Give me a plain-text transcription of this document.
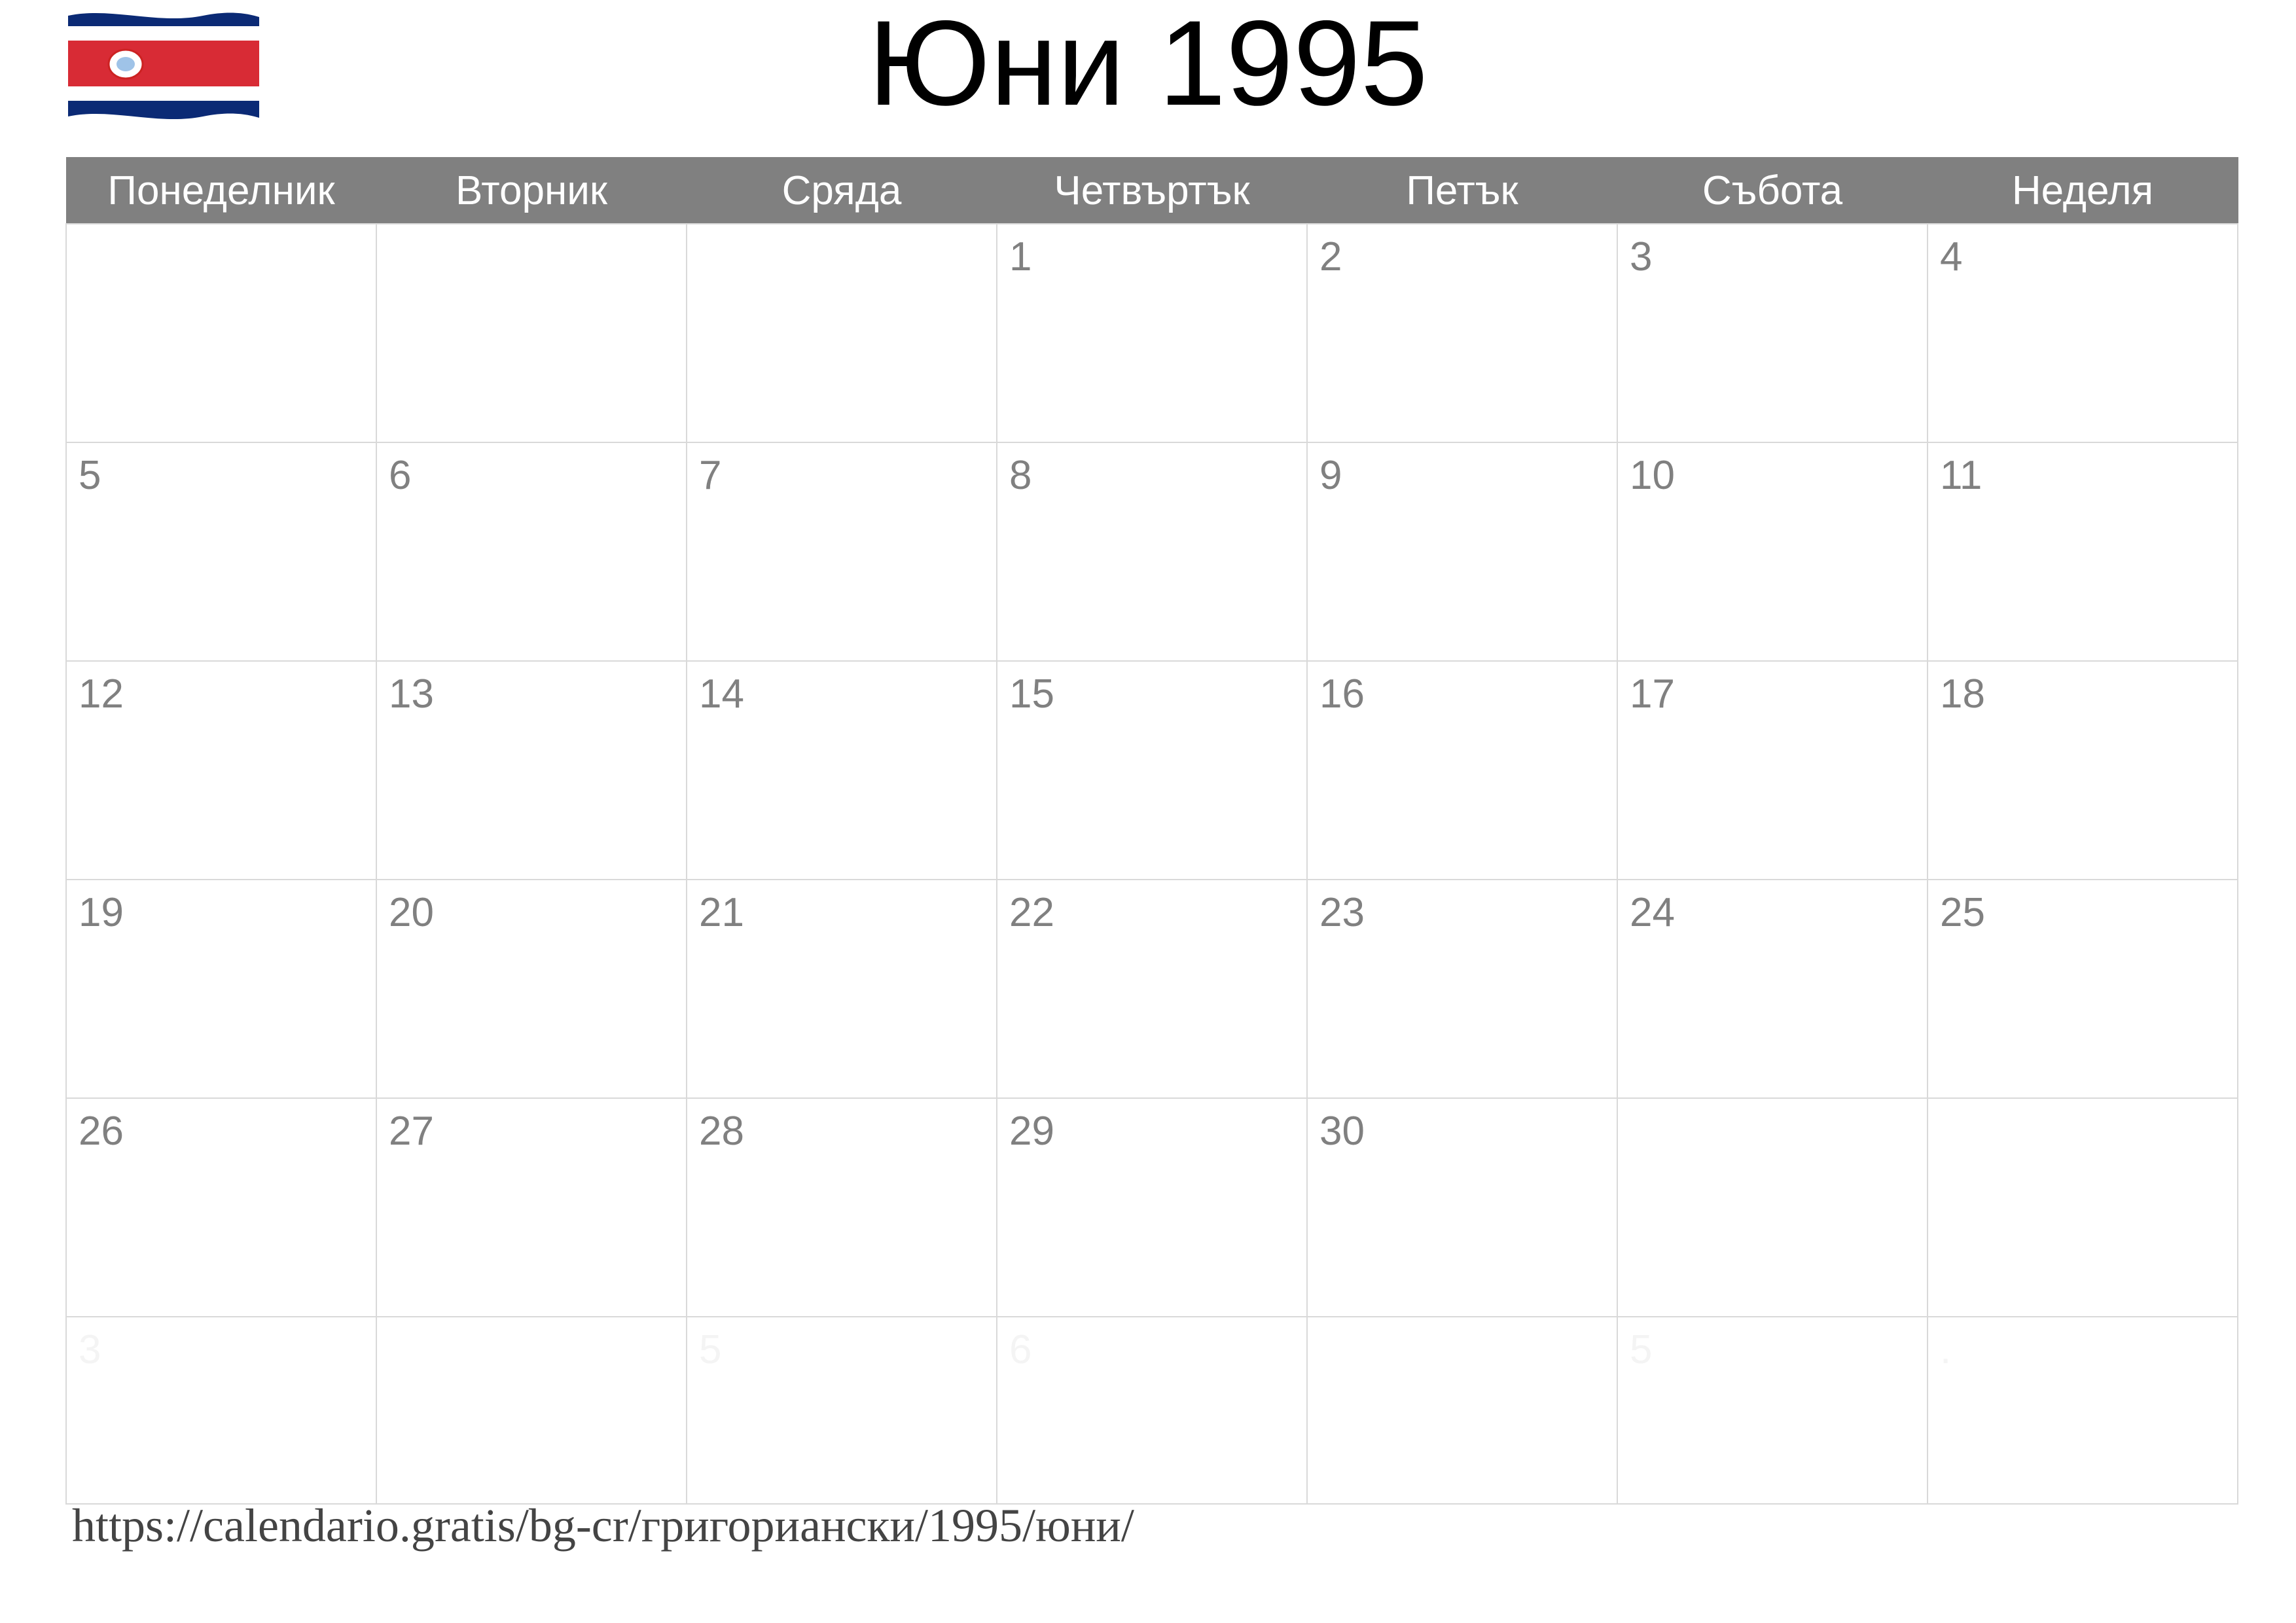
Юни 1995
Понеделник	Вторник	Сряда	Четвъртък	Петък	Събота	Неделя
			1	2	3	4
5	6	7	8	9	10	11
12	13	14	15	16	17	18
19	20	21	22	23	24	25
26	27	28	29	30		
3		5	6		5	.
https://calendario.gratis/bg-cr/григориански/1995/юни/
